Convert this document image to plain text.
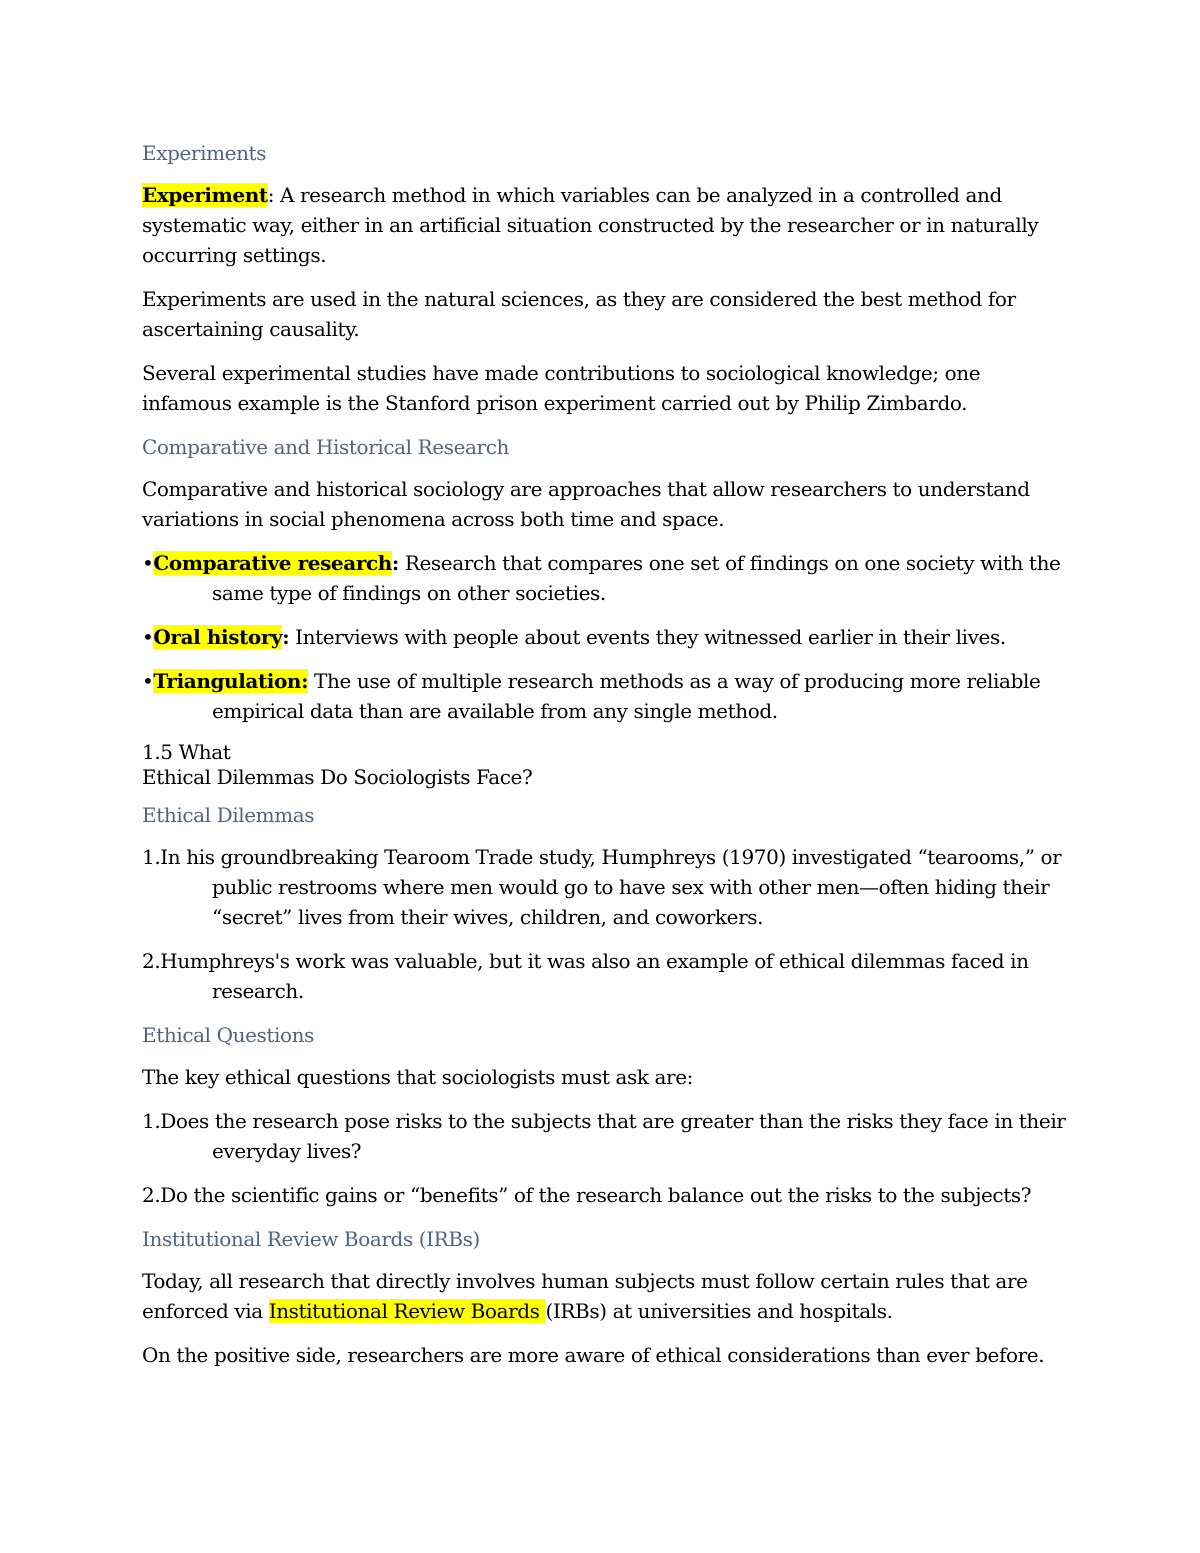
Experiments

Experiment: A research method in which variables can be analyzed in a controlled and systematic way, either in an artificial situation constructed by the researcher or in naturally occurring settings.

Experiments are used in the natural sciences, as they are considered the best method for ascertaining causality.

Several experimental studies have made contributions to sociological knowledge; one infamous example is the Stanford prison experiment carried out by Philip Zimbardo.

Comparative and Historical Research

Comparative and historical sociology are approaches that allow researchers to understand variations in social phenomena across both time and space.

•Comparative research: Research that compares one set of findings on one society with the same type of findings on other societies.
•Oral history: Interviews with people about events they witnessed earlier in their lives.
•Triangulation: The use of multiple research methods as a way of producing more reliable empirical data than are available from any single method.
1.5 What
Ethical Dilemmas Do Sociologists Face?
Ethical Dilemmas
1.In his groundbreaking Tearoom Trade study, Humphreys (1970) investigated “tearooms,” or public restrooms where men would go to have sex with other men—often hiding their “secret” lives from their wives, children, and coworkers.
2.Humphreys's work was valuable, but it was also an example of ethical dilemmas faced in research.
Ethical Questions

The key ethical questions that sociologists must ask are:

1.Does the research pose risks to the subjects that are greater than the risks they face in their everyday lives?
2.Do the scientific gains or “benefits” of the research balance out the risks to the subjects?
Institutional Review Boards (IRBs)

Today, all research that directly involves human subjects must follow certain rules that are enforced via Institutional Review Boards (IRBs) at universities and hospitals.

On the positive side, researchers are more aware of ethical considerations than ever before.
